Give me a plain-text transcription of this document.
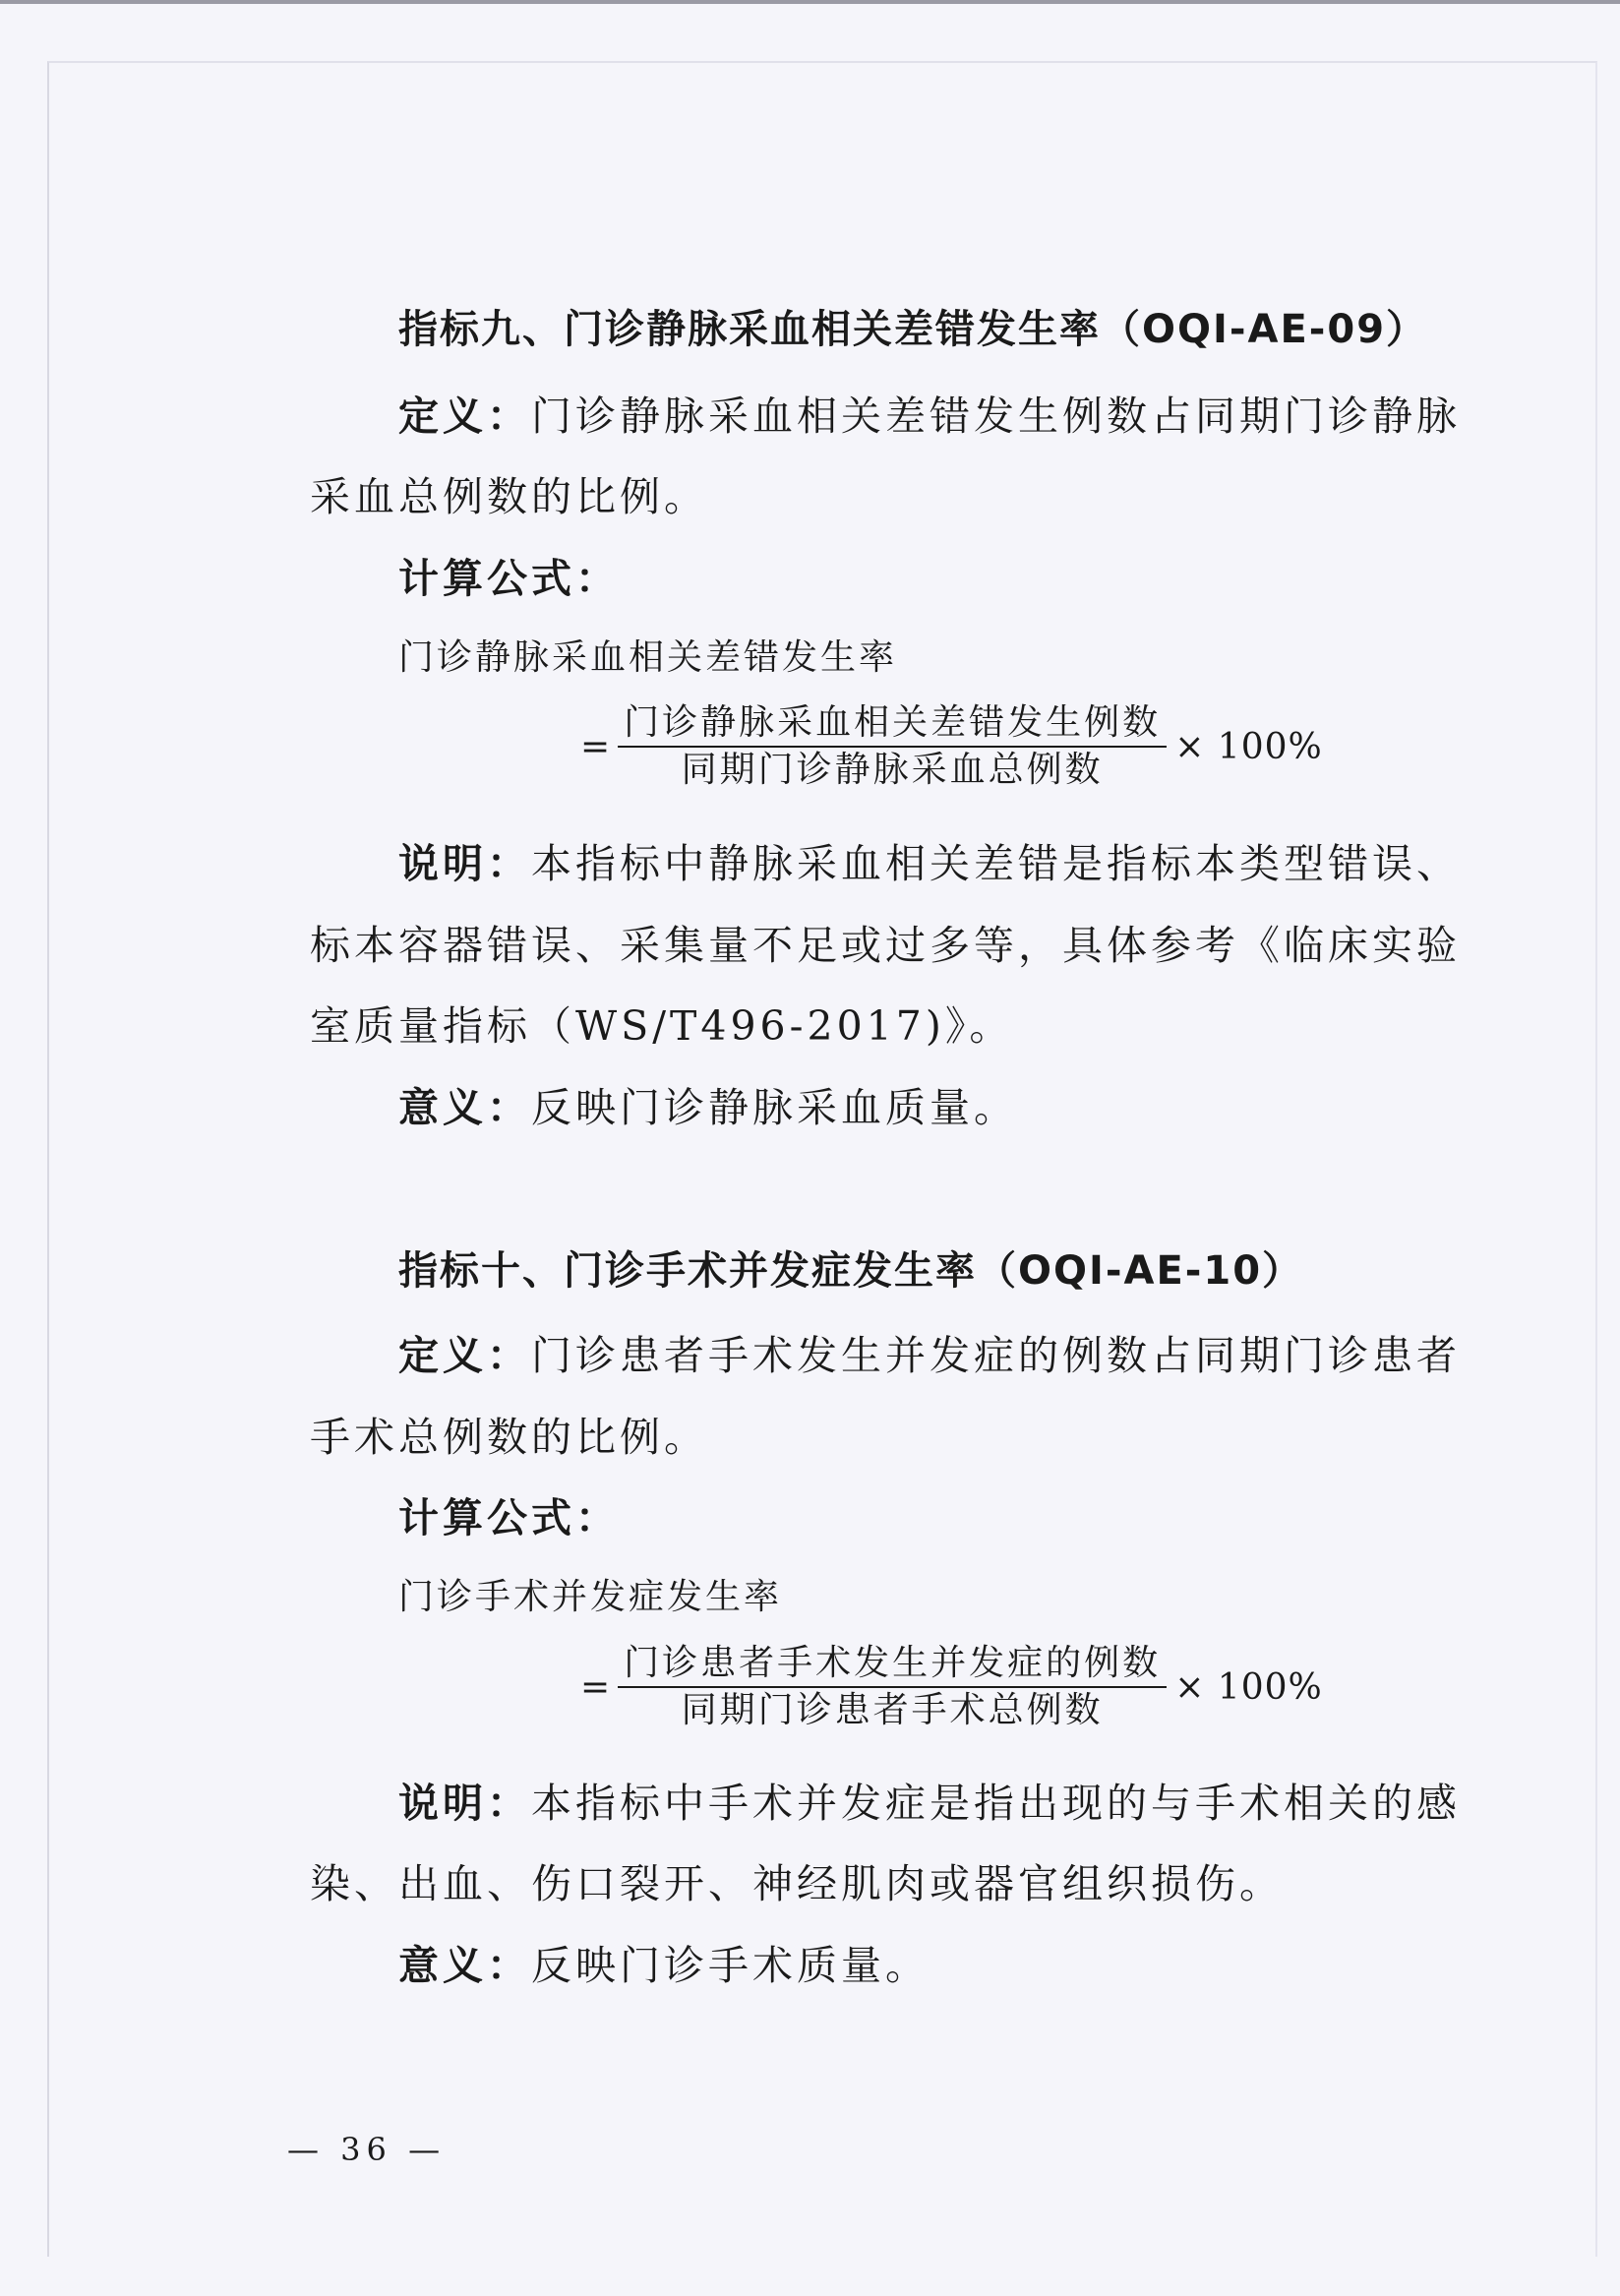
指标九、门诊静脉采血相关差错发生率（OQI-AE-09）
定义：门诊静脉采血相关差错发生例数占同期门诊静脉
采血总例数的比例。
计算公式：
门诊静脉采血相关差错发生率
= $\frac{\text{门诊静脉采血相关差错发生例数}}{\text{同期门诊静脉采血总例数}} \times 100\%$
说明：本指标中静脉采血相关差错是指标本类型错误、
标本容器错误、采集量不足或过多等，具体参考《临床实验
室质量指标（WS/T496-2017)》。
意义：反映门诊静脉采血质量。
指标十、门诊手术并发症发生率（OQI-AE-10）
定义：门诊患者手术发生并发症的例数占同期门诊患者
手术总例数的比例。
计算公式：
门诊手术并发症发生率
= $\frac{\text{门诊患者手术发生并发症的例数}}{\text{同期门诊患者手术总例数}} \times 100\%$
说明：本指标中手术并发症是指出现的与手术相关的感
染、出血、伤口裂开、神经肌肉或器官组织损伤。
意义：反映门诊手术质量。
— 36 —
